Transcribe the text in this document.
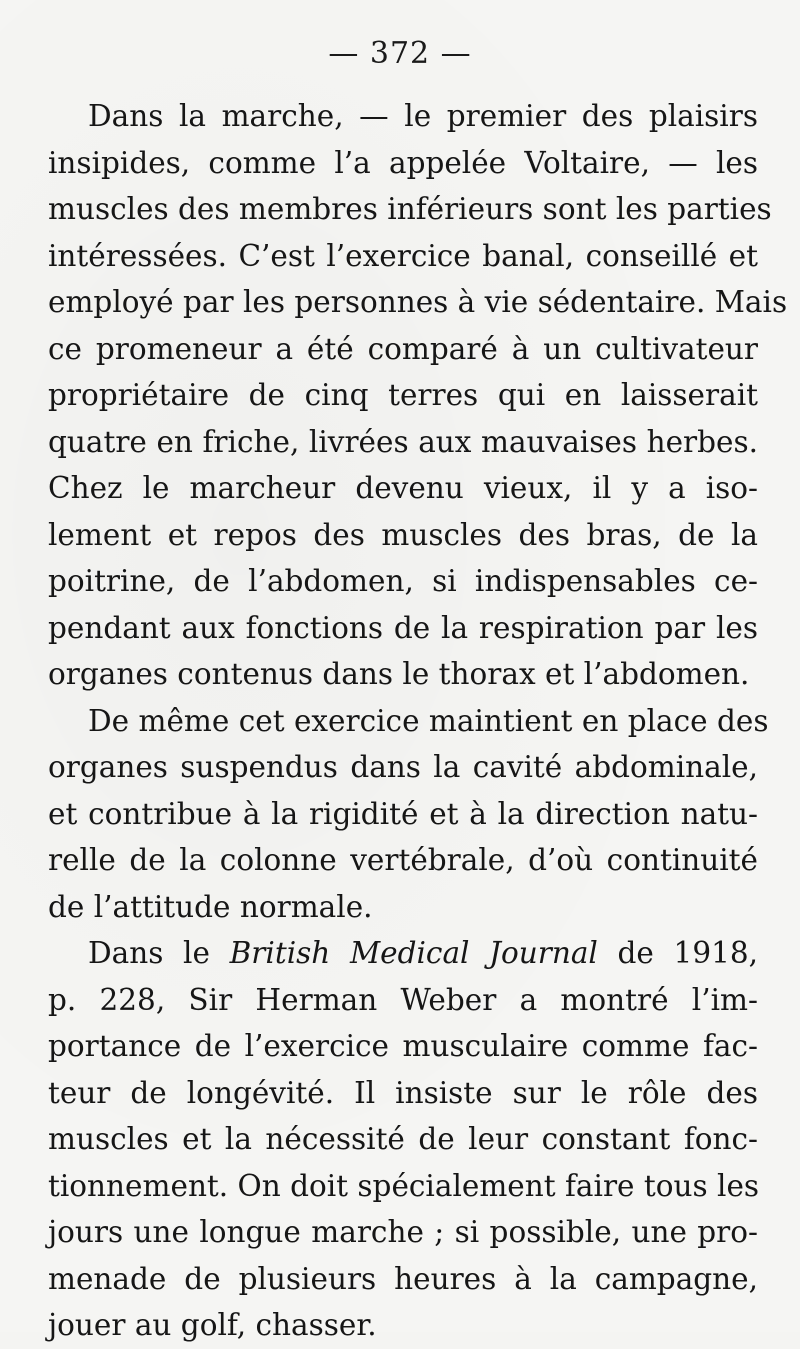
— 372 —
Dans la marche, — le premier des plaisirs
insipides, comme l’a appelée Voltaire, — les
muscles des membres inférieurs sont les parties
intéressées. C’est l’exercice banal, conseillé et
employé par les personnes à vie sédentaire. Mais
ce promeneur a été comparé à un cultivateur
propriétaire de cinq terres qui en laisserait
quatre en friche, livrées aux mauvaises herbes.
Chez le marcheur devenu vieux, il y a iso-
lement et repos des muscles des bras, de la
poitrine, de l’abdomen, si indispensables ce-
pendant aux fonctions de la respiration par les
organes contenus dans le thorax et l’abdomen.
De même cet exercice maintient en place des
organes suspendus dans la cavité abdominale,
et contribue à la rigidité et à la direction natu-
relle de la colonne vertébrale, d’où continuité
de l’attitude normale.
Dans le British Medical Journal de 1918,
p. 228, Sir Herman Weber a montré l’im-
portance de l’exercice musculaire comme fac-
teur de longévité. Il insiste sur le rôle des
muscles et la nécessité de leur constant fonc-
tionnement. On doit spécialement faire tous les
jours une longue marche ; si possible, une pro-
menade de plusieurs heures à la campagne,
jouer au golf, chasser.
